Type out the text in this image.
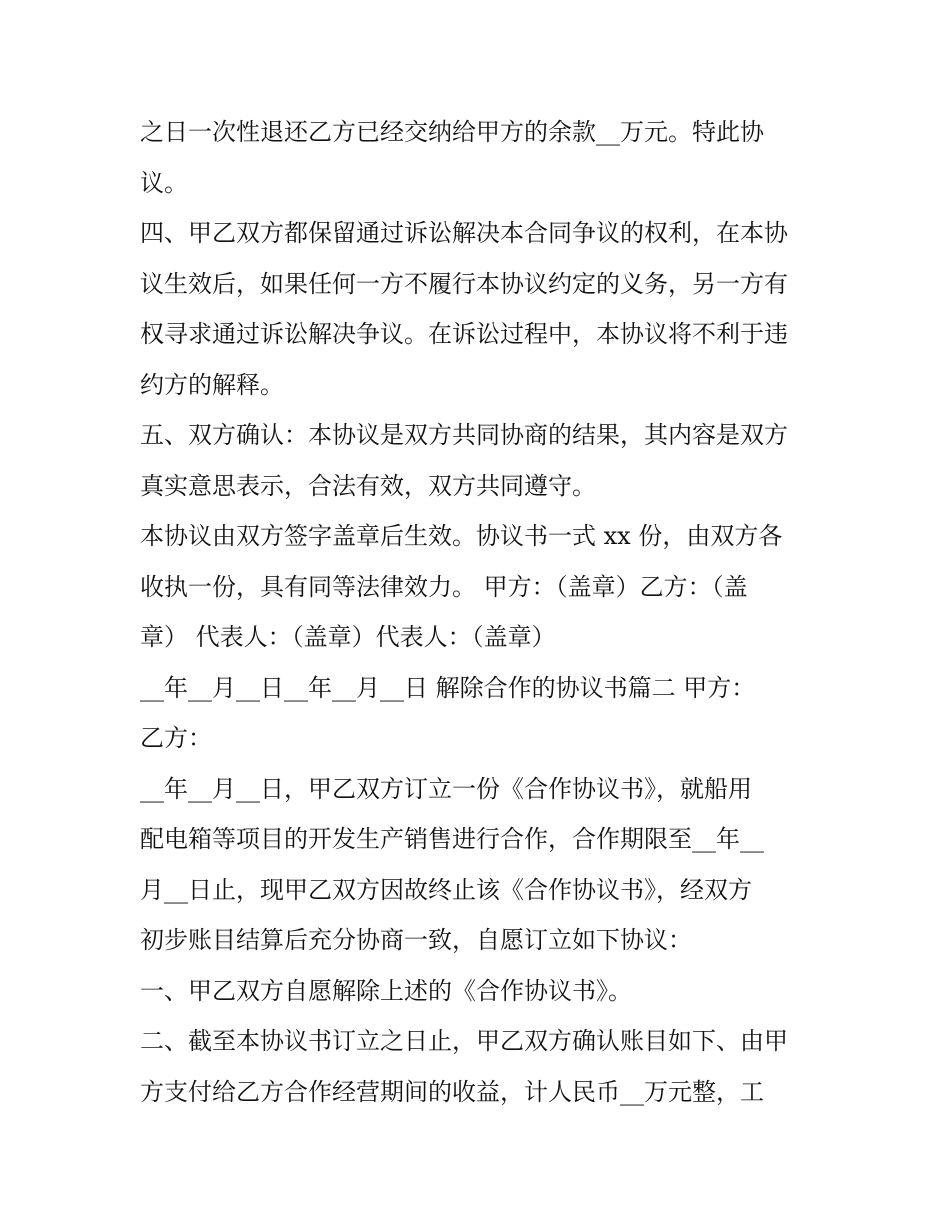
之日一次性退还乙方已经交纳给甲方的余款__万元。特此协
议。
四、甲乙双方都保留通过诉讼解决本合同争议的权利，在本协
议生效后，如果任何一方不履行本协议约定的义务，另一方有
权寻求通过诉讼解决争议。在诉讼过程中，本协议将不利于违
约方的解释。
五、双方确认：本协议是双方共同协商的结果，其内容是双方
真实意思表示，合法有效，双方共同遵守。
本协议由双方签字盖章后生效。协议书一式 xx 份，由双方各
收执一份，具有同等法律效力。 甲方：（盖章）乙方：（盖
章） 代表人：（盖章）代表人：（盖章）
__年__月__日__年__月__日 解除合作的协议书篇二 甲方：
乙方：
__年__月__日，甲乙双方订立一份《合作协议书》，就船用
配电箱等项目的开发生产销售进行合作，合作期限至__年__
月__日止，现甲乙双方因故终止该《合作协议书》，经双方
初步账目结算后充分协商一致，自愿订立如下协议：
一、甲乙双方自愿解除上述的《合作协议书》。
二、截至本协议书订立之日止，甲乙双方确认账目如下、由甲
方支付给乙方合作经营期间的收益，计人民币__万元整，工
